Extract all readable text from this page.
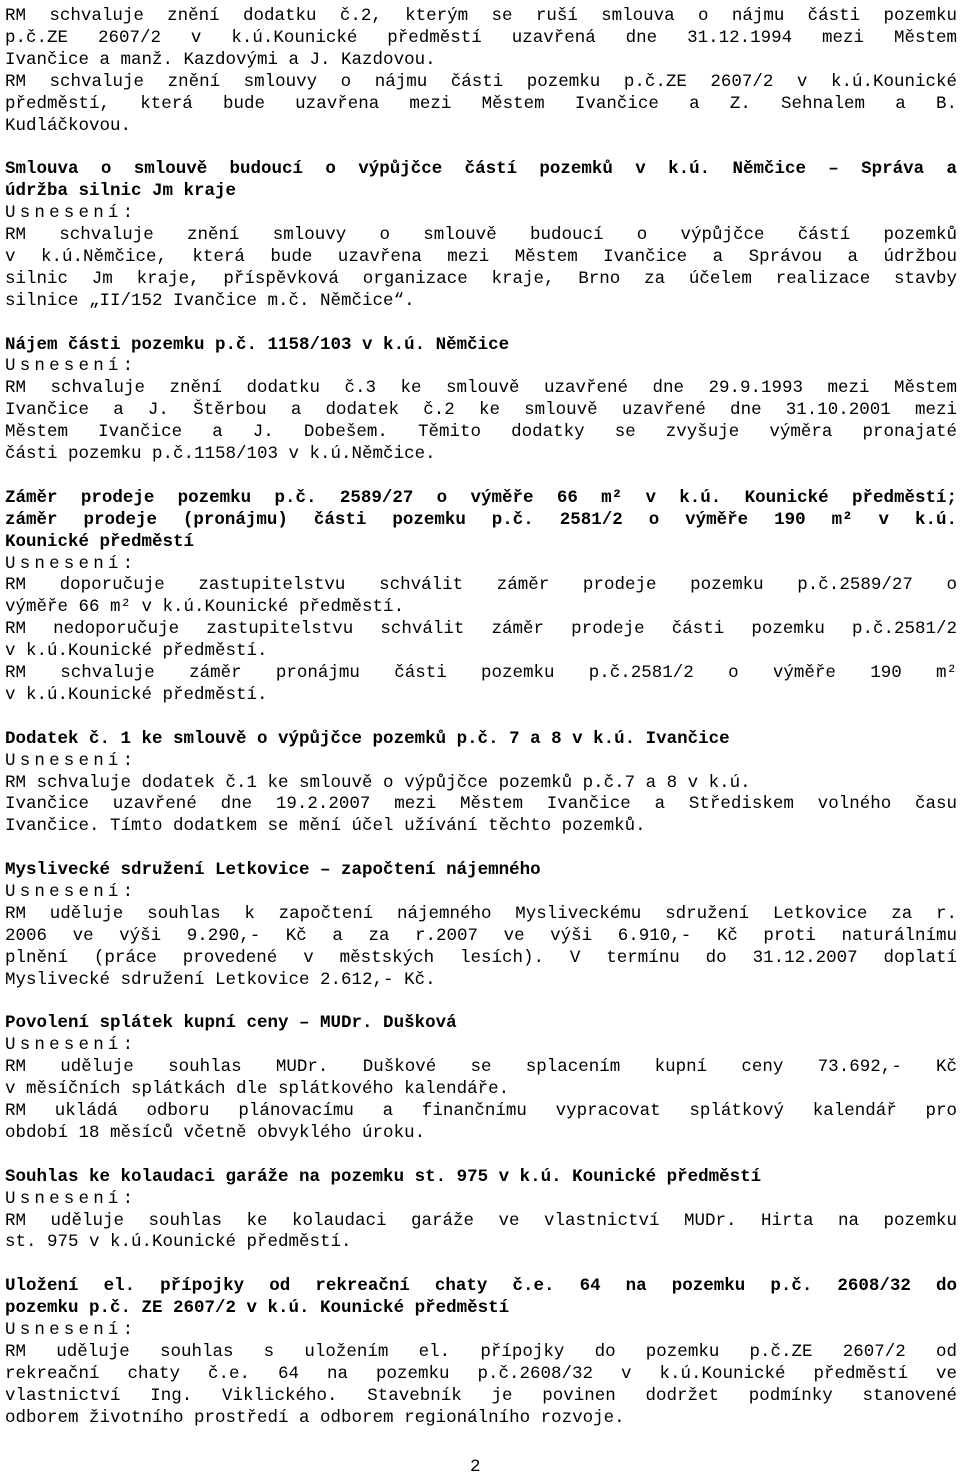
RM schvaluje znění dodatku č.2, kterým se ruší smlouva o nájmu části pozemku
p.č.ZE 2607/2 v k.ú.Kounické předměstí uzavřená dne 31.12.1994 mezi Městem
Ivančice a manž. Kazdovými a J. Kazdovou.
RM schvaluje znění smlouvy o nájmu části pozemku p.č.ZE 2607/2 v k.ú.Kounické
předměstí, která bude uzavřena mezi Městem Ivančice a Z. Sehnalem a B.
Kudláčkovou.
Smlouva o smlouvě budoucí o výpůjčce částí pozemků v k.ú. Němčice – Správa a
údržba silnic Jm kraje
Usnesení:
RM schvaluje znění smlouvy o smlouvě budoucí o výpůjčce částí pozemků
v k.ú.Němčice, která bude uzavřena mezi Městem Ivančice a Správou a údržbou
silnic Jm kraje, příspěvková organizace kraje, Brno za účelem realizace stavby
silnice „II/152 Ivančice m.č. Němčice“.
Nájem části pozemku p.č. 1158/103 v k.ú. Němčice
Usnesení:
RM schvaluje znění dodatku č.3 ke smlouvě uzavřené dne 29.9.1993 mezi Městem
Ivančice a J. Štěrbou a dodatek č.2 ke smlouvě uzavřené dne 31.10.2001 mezi
Městem Ivančice a J. Dobešem. Těmito dodatky se zvyšuje výměra pronajaté
části pozemku p.č.1158/103 v k.ú.Němčice.
Záměr prodeje pozemku p.č. 2589/27 o výměře 66 m² v k.ú. Kounické předměstí;
záměr prodeje (pronájmu) části pozemku p.č. 2581/2 o výměře 190 m² v k.ú.
Kounické předměstí
Usnesení:
RM doporučuje zastupitelstvu schválit záměr prodeje pozemku p.č.2589/27 o
výměře 66 m² v k.ú.Kounické předměstí.
RM nedoporučuje zastupitelstvu schválit záměr prodeje části pozemku p.č.2581/2
v k.ú.Kounické předměstí.
RM schvaluje záměr pronájmu části pozemku p.č.2581/2 o výměře 190 m²
v k.ú.Kounické předměstí.
Dodatek č. 1 ke smlouvě o výpůjčce pozemků p.č. 7 a 8 v k.ú. Ivančice
Usnesení:
RM schvaluje dodatek č.1 ke smlouvě o výpůjčce pozemků p.č.7 a 8 v k.ú.
Ivančice uzavřené dne 19.2.2007 mezi Městem Ivančice a Střediskem volného času
Ivančice. Tímto dodatkem se mění účel užívání těchto pozemků.
Myslivecké sdružení Letkovice – započtení nájemného
Usnesení:
RM uděluje souhlas k započtení nájemného Mysliveckému sdružení Letkovice za r.
2006 ve výši 9.290,- Kč a za r.2007 ve výši 6.910,- Kč proti naturálnímu
plnění (práce provedené v městských lesích). V termínu do 31.12.2007 doplatí
Myslivecké sdružení Letkovice 2.612,- Kč.
Povolení splátek kupní ceny – MUDr. Dušková
Usnesení:
RM uděluje souhlas MUDr. Duškové se splacením kupní ceny 73.692,- Kč
v měsíčních splátkách dle splátkového kalendáře.
RM ukládá odboru plánovacímu a finančnímu vypracovat splátkový kalendář pro
období 18 měsíců včetně obvyklého úroku.
Souhlas ke kolaudaci garáže na pozemku st. 975 v k.ú. Kounické předměstí
Usnesení:
RM uděluje souhlas ke kolaudaci garáže ve vlastnictví MUDr. Hirta na pozemku
st. 975 v k.ú.Kounické předměstí.
Uložení el. přípojky od rekreační chaty č.e. 64 na pozemku p.č. 2608/32 do
pozemku p.č. ZE 2607/2 v k.ú. Kounické předměstí
Usnesení:
RM uděluje souhlas s uložením el. přípojky do pozemku p.č.ZE 2607/2 od
rekreační chaty č.e. 64 na pozemku p.č.2608/32 v k.ú.Kounické předměstí ve
vlastnictví Ing. Viklického. Stavebník je povinen dodržet podmínky stanovené
odborem životního prostředí a odborem regionálního rozvoje.
2
